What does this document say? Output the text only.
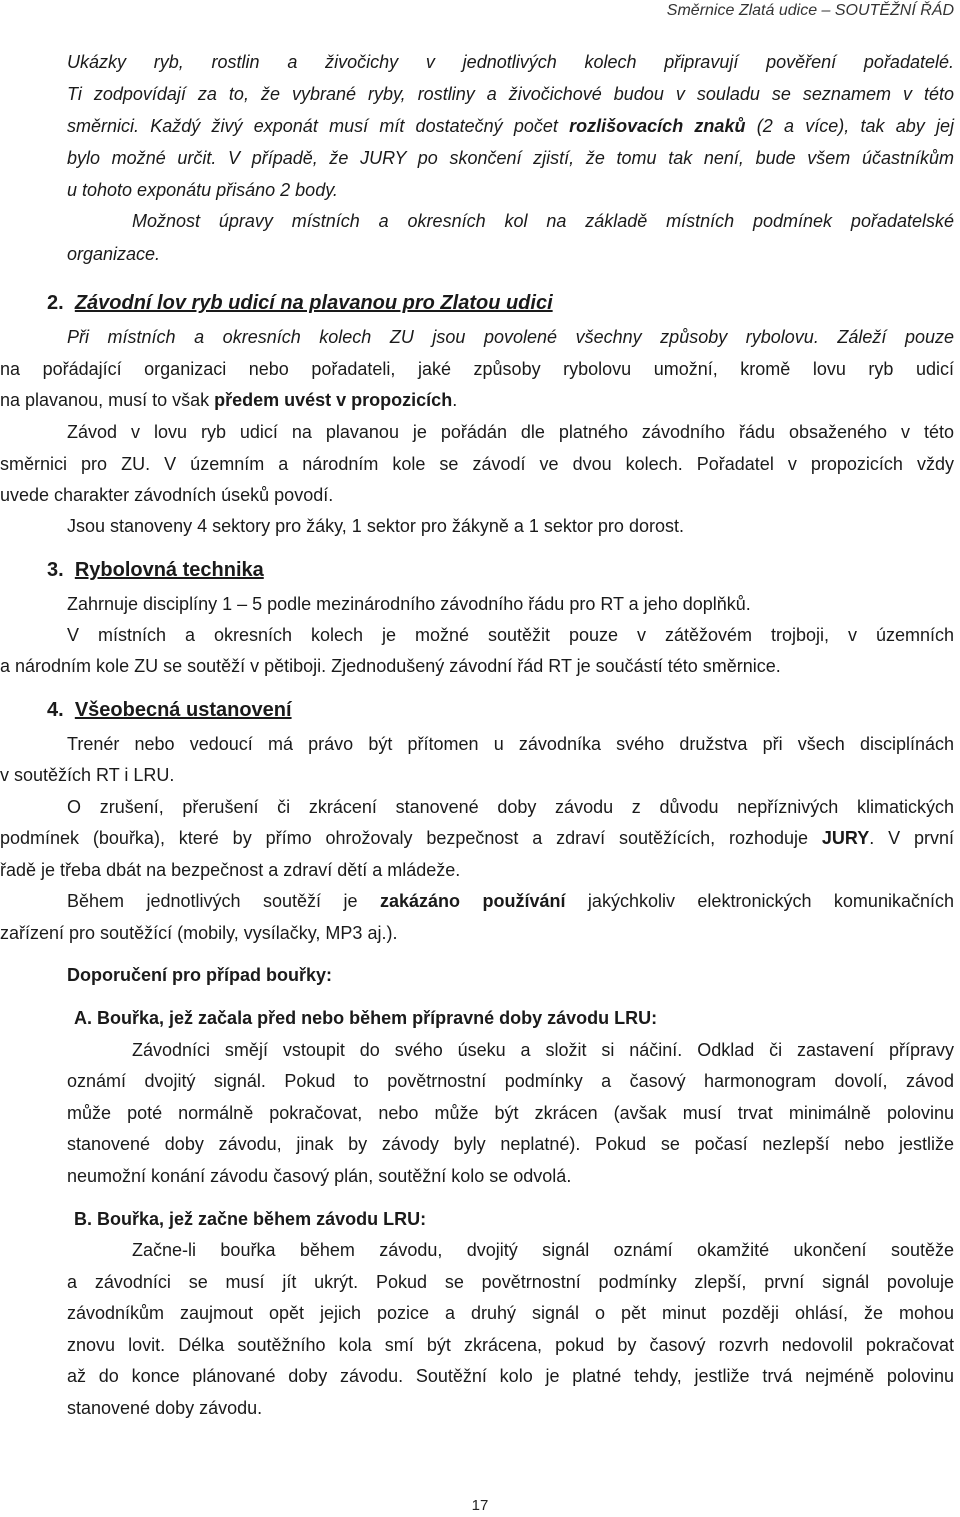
Směrnice Zlatá udice – SOUTĚŽNÍ ŘÁD
Ukázky ryb, rostlin a živočichy v jednotlivých kolech připravují pověření pořadatelé.
Ti zodpovídají za to, že vybrané ryby, rostliny a živočichové budou v souladu se seznamem v této
směrnici. Každý živý exponát musí mít dostatečný počet rozlišovacích znaků (2 a více), tak aby jej
bylo možné určit. V případě, že JURY po skončení zjistí, že tomu tak není, bude všem účastníkům
u tohoto exponátu přisáno 2 body.
Možnost úpravy místních a okresních kol na základě místních podmínek pořadatelské
organizace.
2. Závodní lov ryb udicí na plavanou pro Zlatou udici
Při místních a okresních kolech ZU jsou povolené všechny způsoby rybolovu. Záleží pouze
na pořádající organizaci nebo pořadateli, jaké způsoby rybolovu umožní, kromě lovu ryb udicí
na plavanou, musí to však předem uvést v propozicích.
Závod v lovu ryb udicí na plavanou je pořádán dle platného závodního řádu obsaženého v této
směrnici pro ZU. V územním a národním kole se závodí ve dvou kolech. Pořadatel v propozicích vždy
uvede charakter závodních úseků povodí.
Jsou stanoveny 4 sektory pro žáky, 1 sektor pro žákyně a 1 sektor pro dorost.
3. Rybolovná technika
Zahrnuje disciplíny 1 – 5 podle mezinárodního závodního řádu pro RT a jeho doplňků.
V místních a okresních kolech je možné soutěžit pouze v zátěžovém trojboji, v územních
a národním kole ZU se soutěží v pětiboji. Zjednodušený závodní řád RT je součástí této směrnice.
4. Všeobecná ustanovení
Trenér nebo vedoucí má právo být přítomen u závodníka svého družstva při všech disciplínách
v soutěžích RT i LRU.
O zrušení, přerušení či zkrácení stanovené doby závodu z důvodu nepříznivých klimatických
podmínek (bouřka), které by přímo ohrožovaly bezpečnost a zdraví soutěžících, rozhoduje JURY. V první
řadě je třeba dbát na bezpečnost a zdraví dětí a mládeže.
Během jednotlivých soutěží je zakázáno používání jakýchkoliv elektronických komunikačních
zařízení pro soutěžící (mobily, vysílačky, MP3 aj.).
Doporučení pro případ bouřky:
A. Bouřka, jež začala před nebo během přípravné doby závodu LRU:
Závodníci smějí vstoupit do svého úseku a složit si náčiní. Odklad či zastavení přípravy
oznámí dvojitý signál. Pokud to povětrnostní podmínky a časový harmonogram dovolí, závod
může poté normálně pokračovat, nebo může být zkrácen (avšak musí trvat minimálně polovinu
stanovené doby závodu, jinak by závody byly neplatné). Pokud se počasí nezlepší nebo jestliže
neumožní konání závodu časový plán, soutěžní kolo se odvolá.
B. Bouřka, jež začne během závodu LRU:
Začne-li bouřka během závodu, dvojitý signál oznámí okamžité ukončení soutěže
a závodníci se musí jít ukrýt. Pokud se povětrnostní podmínky zlepší, první signál povoluje
závodníkům zaujmout opět jejich pozice a druhý signál o pět minut později ohlásí, že mohou
znovu lovit. Délka soutěžního kola smí být zkrácena, pokud by časový rozvrh nedovolil pokračovat
až do konce plánované doby závodu. Soutěžní kolo je platné tehdy, jestliže trvá nejméně polovinu
stanovené doby závodu.
17
